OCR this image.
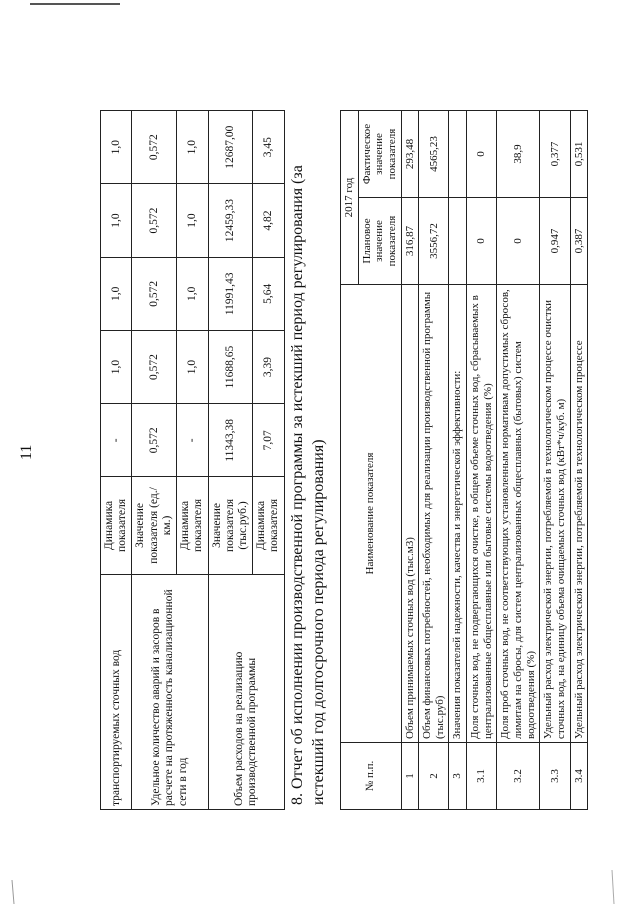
11
транспортируемых сточных вод	Динамика показателя	-	1,0	1,0	1,0	1,0
Удельное количество аварий и засоров в расчете на протяженность канализационной сети в год	Значение показателя (ед./км.)	0,572	0,572	0,572	0,572	0,572
	Динамика показателя	-	1,0	1,0	1,0	1,0
Объем расходов на реализацию производственной программы	Значение показателя (тыс.руб.)	11343,38	11688,65	11991,43	12459,33	12687,00
	Динамика показателя	7,07	3,39	5,64	4,82	3,45
8. Отчет об исполнении производственной программы за истекший период регулирования (за истекший год долгосрочного периода регулирования)	№ п.п.	Наименование показателя	2017 год	
		Плановое значение показателя	Фактическое значение показателя
1	Объем принимаемых сточных вод (тыс.м3)	316,87	293,48
2	Объем финансовых потребностей, необходимых для реализации производственной программы (тыс.руб)	3556,72	4565,23
3	Значения показателей надежности, качества и энергетической эффективности:		
3.1	Доля сточных вод, не подвергающихся очистке, в общем объеме сточных вод, сбрасываемых в централизованные общесплавные или бытовые системы водоотведения (%)	0	0
3.2	Доля проб сточных вод, не соответствующих установленным нормативам допустимых сбросов, лимитам на сбросы, для систем централизованных общесплавных (бытовых) систем водоотведения (%)	0	38,9
3.3	Удельный расход электрической энергии, потребляемой в технологическом процессе очистки сточных вод, на единицу объема очищаемых сточных вод (кВт*ч/куб. м)	0,947	0,377
3.4	Удельный расход электрической энергии, потребляемой в технологическом процессе	0,387	0,531
